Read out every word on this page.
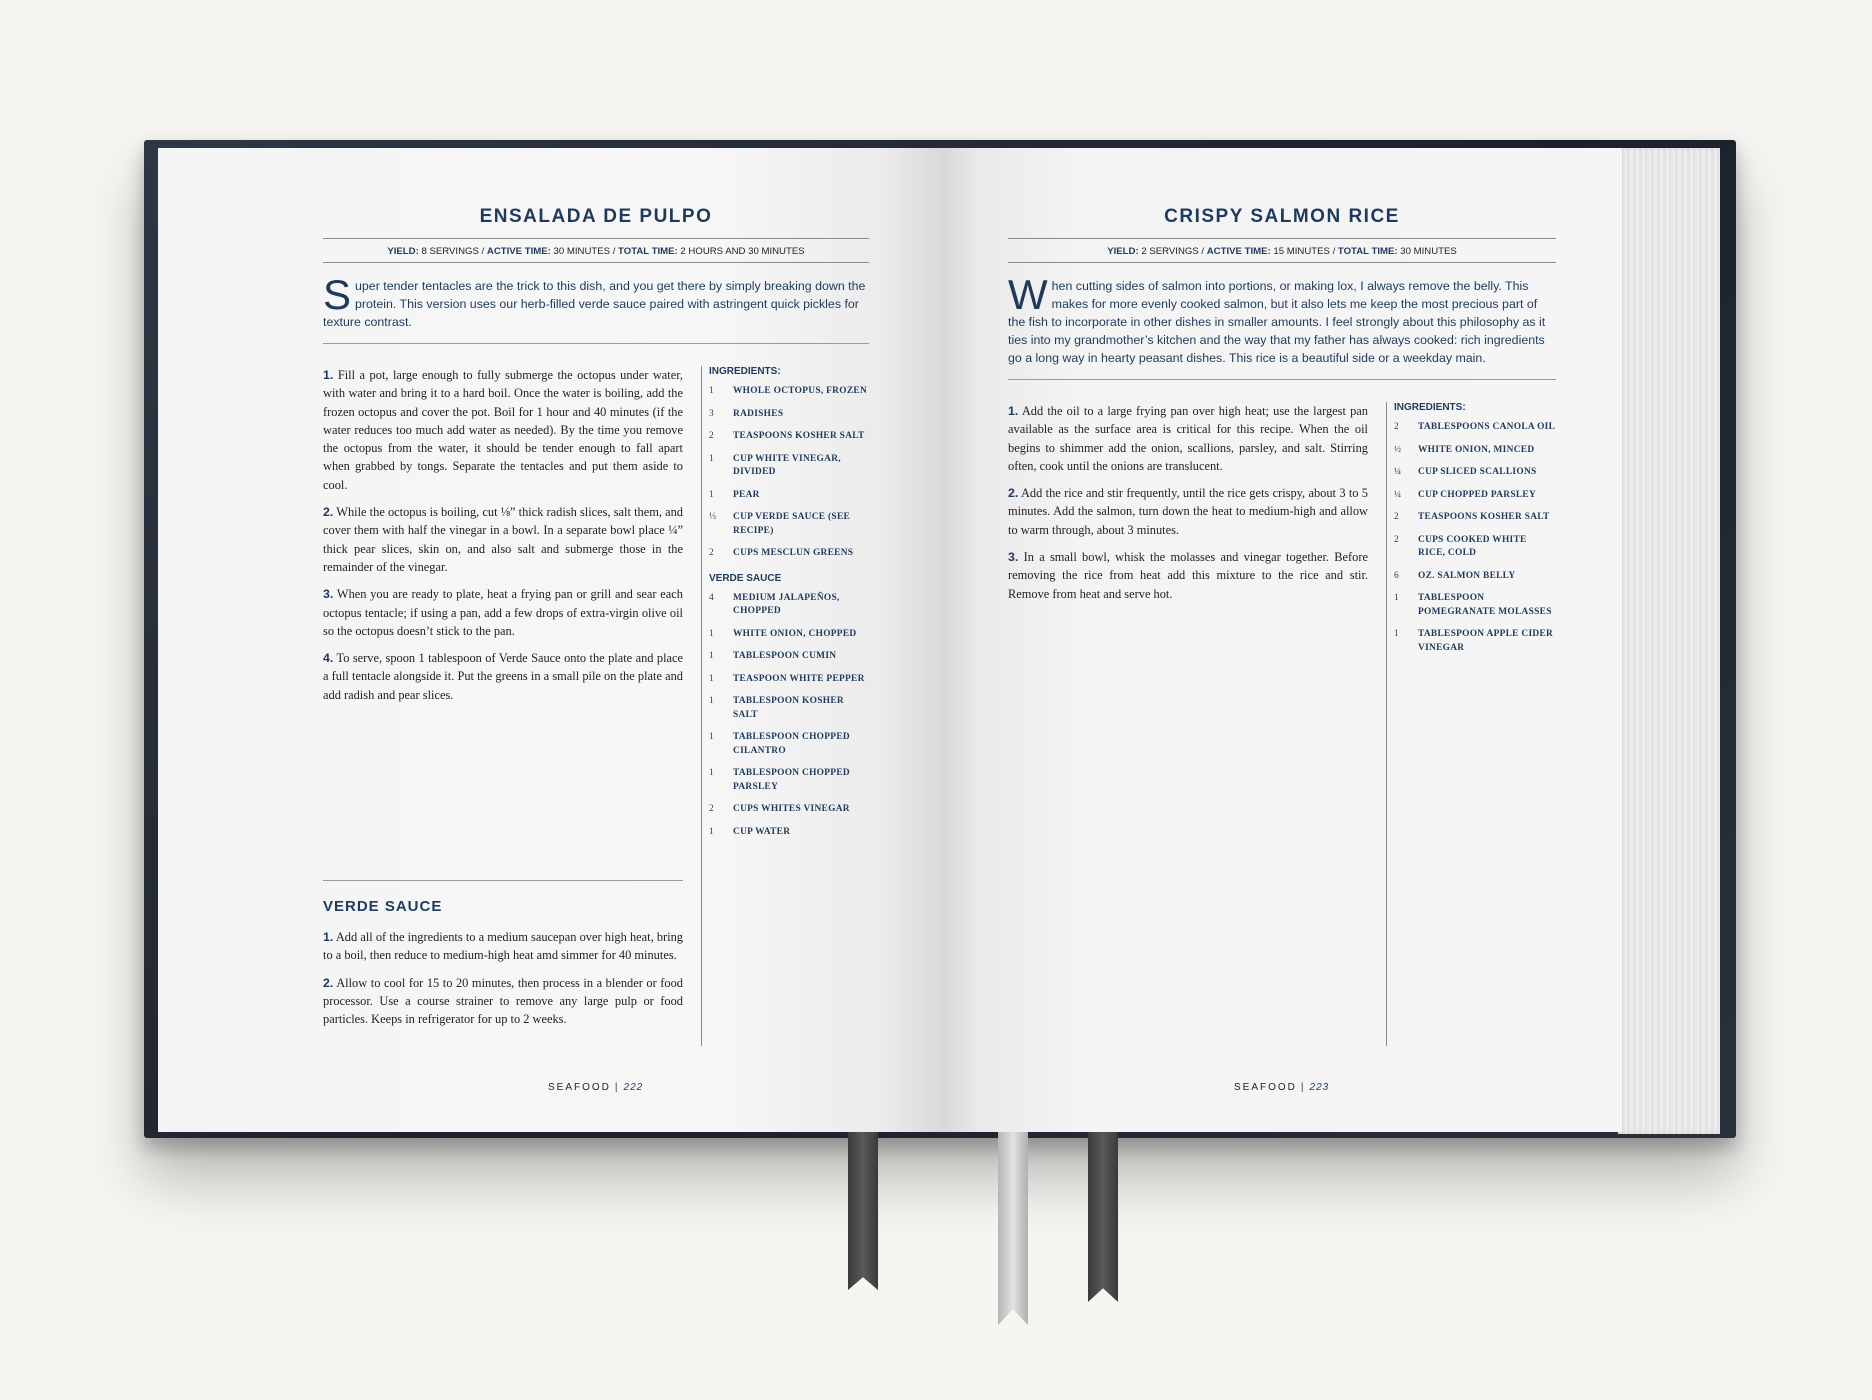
ENSALADA DE PULPO
YIELD: 8 SERVINGS / ACTIVE TIME: 30 MINUTES / TOTAL TIME: 2 HOURS AND 30 MINUTES
Super tender tentacles are the trick to this dish, and you get there by simply breaking down the protein. This version uses our herb-filled verde sauce paired with astringent quick pickles for texture contrast.

1. Fill a pot, large enough to fully submerge the octopus under water, with water and bring it to a hard boil. Once the water is boiling, add the frozen octopus and cover the pot. Boil for 1 hour and 40 minutes (if the water reduces too much add water as needed). By the time you remove the octopus from the water, it should be tender enough to fall apart when grabbed by tongs. Separate the tentacles and put them aside to cool.

2. While the octopus is boiling, cut ⅛” thick radish slices, salt them, and cover them with half the vinegar in a bowl. In a separate bowl place ¼” thick pear slices, skin on, and also salt and submerge those in the remainder of the vinegar.

3. When you are ready to plate, heat a frying pan or grill and sear each octopus tentacle; if using a pan, add a few drops of extra-virgin olive oil so the octopus doesn’t stick to the pan.

4. To serve, spoon 1 tablespoon of Verde Sauce onto the plate and place a full tentacle alongside it. Put the greens in a small pile on the plate and add radish and pear slices.

INGREDIENTS:
1	WHOLE OCTOPUS, FROZEN
3	RADISHES
2	TEASPOONS KOSHER SALT
1	CUP WHITE VINEGAR, DIVIDED
1	PEAR
⅓	CUP VERDE SAUCE (SEE RECIPE)
2	CUPS MESCLUN GREENS
VERDE SAUCE
4	MEDIUM JALAPEÑOS, CHOPPED
1	WHITE ONION, CHOPPED
1	TABLESPOON CUMIN
1	TEASPOON WHITE PEPPER
1	TABLESPOON KOSHER SALT
1	TABLESPOON CHOPPED CILANTRO
1	TABLESPOON CHOPPED PARSLEY
2	CUPS WHITES VINEGAR
1	CUP WATER
VERDE SAUCE

1. Add all of the ingredients to a medium saucepan over high heat, bring to a boil, then reduce to medium-high heat amd simmer for 40 minutes.

2. Allow to cool for 15 to 20 minutes, then process in a blender or food processor. Use a course strainer to remove any large pulp or food particles. Keeps in refrigerator for up to 2 weeks.

SEAFOOD | 222
CRISPY SALMON RICE
YIELD: 2 SERVINGS / ACTIVE TIME: 15 MINUTES / TOTAL TIME: 30 MINUTES
When cutting sides of salmon into portions, or making lox, I always remove the belly. This makes for more evenly cooked salmon, but it also lets me keep the most precious part of the fish to incorporate in other dishes in smaller amounts. I feel strongly about this philosophy as it ties into my grandmother’s kitchen and the way that my father has always cooked: rich ingredients go a long way in hearty peasant dishes. This rice is a beautiful side or a weekday main.

1. Add the oil to a large frying pan over high heat; use the largest pan available as the surface area is critical for this recipe. When the oil begins to shimmer add the onion, scallions, parsley, and salt. Stirring often, cook until the onions are translucent.

2. Add the rice and stir frequently, until the rice gets crispy, about 3 to 5 minutes. Add the salmon, turn down the heat to medium-high and allow to warm through, about 3 minutes.

3. In a small bowl, whisk the molasses and vinegar together. Before removing the rice from heat add this mixture to the rice and stir. Remove from heat and serve hot.

INGREDIENTS:
2	TABLESPOONS CANOLA OIL
½	WHITE ONION, MINCED
¼	CUP SLICED SCALLIONS
¼	CUP CHOPPED PARSLEY
2	TEASPOONS KOSHER SALT
2	CUPS COOKED WHITE RICE, COLD
6	OZ. SALMON BELLY
1	TABLESPOON POMEGRANATE MOLASSES
1	TABLESPOON APPLE CIDER VINEGAR
SEAFOOD | 223
